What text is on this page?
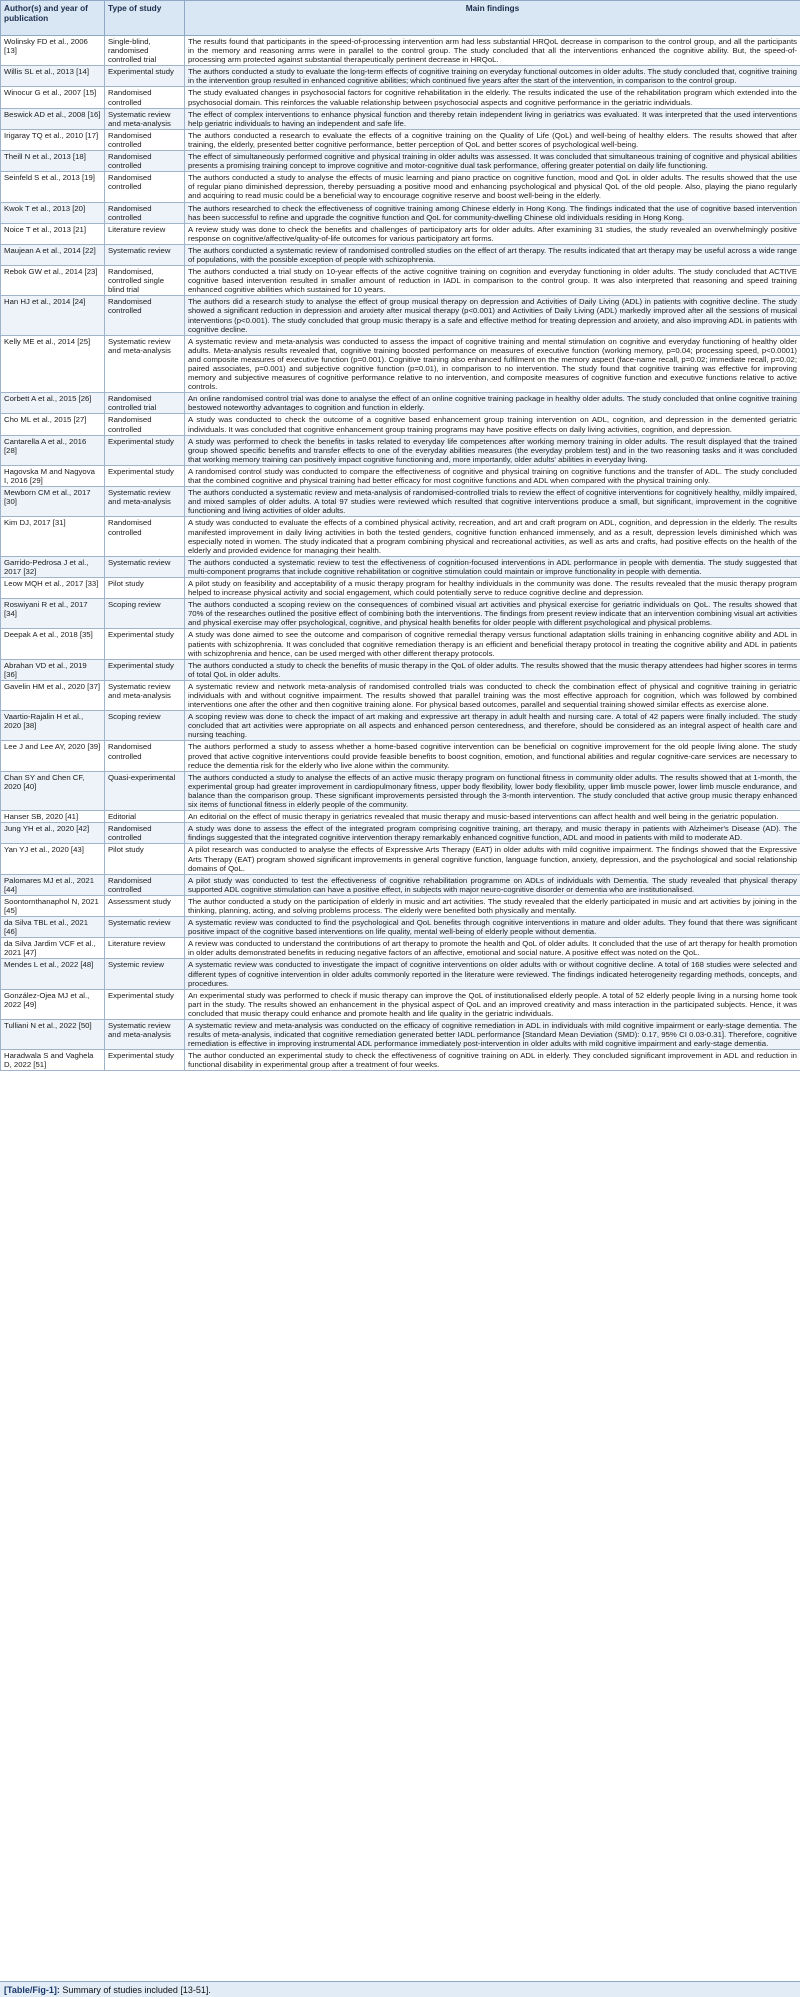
Author(s) and year of publication	Type of study	Main findings
Wolinsky FD et al., 2006 [13]	Single-blind, randomised controlled trial	The results found that participants in the speed-of-processing intervention arm had less substantial HRQoL decrease in comparison to the control group, and all the participants in the memory and reasoning arms were in parallel to the control group. The study concluded that all the interventions enhanced the cognitive ability. But, the speed-of-processing arm protected against substantial therapeutically pertinent decrease in HRQoL.
Willis SL et al., 2013 [14]	Experimental study	The authors conducted a study to evaluate the long-term effects of cognitive training on everyday functional outcomes in older adults. The study concluded that, cognitive training in the intervention group resulted in enhanced cognitive abilities; which continued five years after the start of the intervention, in comparison to the control group.
Winocur G et al., 2007 [15]	Randomised controlled	The study evaluated changes in psychosocial factors for cognitive rehabilitation in the elderly. The results indicated the use of the rehabilitation program which extended into the psychosocial domain. This reinforces the valuable relationship between psychosocial aspects and cognitive performance in the geriatric individuals.
Beswick AD et al., 2008 [16]	Systematic review and meta-analysis	The effect of complex interventions to enhance physical function and thereby retain independent living in geriatrics was evaluated. It was interpreted that the used interventions help geriatric individuals to having an independent and safe life.
Irigaray TQ et al., 2010 [17]	Randomised controlled	The authors conducted a research to evaluate the effects of a cognitive training on the Quality of Life (QoL) and well-being of healthy elders. The results showed that after training, the elderly, presented better cognitive performance, better perception of QoL and better scores of psychological well-being.
Theill N et al., 2013 [18]	Randomised controlled	The effect of simultaneously performed cognitive and physical training in older adults was assessed. It was concluded that simultaneous training of cognitive and physical abilities presents a promising training concept to improve cognitive and motor-cognitive dual task performance, offering greater potential on daily life functioning.
Seinfeld S et al., 2013 [19]	Randomised controlled	The authors conducted a study to analyse the effects of music learning and piano practice on cognitive function, mood and QoL in older adults. The results showed that the use of regular piano diminished depression, thereby persuading a positive mood and enhancing psychological and physical QoL of the old people. Also, playing the piano regularly and acquiring to read music could be a beneficial way to encourage cognitive reserve and boost well-being in the elderly.
Kwok T et al., 2013 [20]	Randomised controlled	The authors researched to check the effectiveness of cognitive training among Chinese elderly in Hong Kong. The findings indicated that the use of cognitive based intervention has been successful to refine and upgrade the cognitive function and QoL for community-dwelling Chinese old individuals residing in Hong Kong.
Noice T et al., 2013 [21]	Literature review	A review study was done to check the benefits and challenges of participatory arts for older adults. After examining 31 studies, the study revealed an overwhelmingly positive response on cognitive/affective/quality-of-life outcomes for various participatory art forms.
Maujean A et al., 2014 [22]	Systematic review	The authors conducted a systematic review of randomised controlled studies on the effect of art therapy. The results indicated that art therapy may be useful across a wide range of populations, with the possible exception of people with schizophrenia.
Rebok GW et al., 2014 [23]	Randomised, controlled single blind trial	The authors conducted a trial study on 10-year effects of the active cognitive training on cognition and everyday functioning in older adults. The study concluded that ACTIVE cognitive based intervention resulted in smaller amount of reduction in IADL in comparison to the control group. It was also interpreted that reasoning and speed training enhanced cognitive abilities which sustained for 10 years.
Han HJ et al., 2014 [24]	Randomised controlled	The authors did a research study to analyse the effect of group musical therapy on depression and Activities of Daily Living (ADL) in patients with cognitive decline. The study showed a significant reduction in depression and anxiety after musical therapy (p<0.001) and Activities of Daily Living (ADL) markedly improved after all the sessions of musical interventions (p<0.001). The study concluded that group music therapy is a safe and effective method for treating depression and anxiety, and also improving ADL in patients with cognitive decline.
Kelly ME et al., 2014 [25]	Systematic review and meta-analysis	A systematic review and meta-analysis was conducted to assess the impact of cognitive training and mental stimulation on cognitive and everyday functioning of healthy older adults. Meta-analysis results revealed that, cognitive training boosted performance on measures of executive function (working memory, p=0.04; processing speed, p<0.0001) and composite measures of executive function (p=0.001). Cognitive training also enhanced fulfilment on the memory aspect (face-name recall, p=0.02; immediate recall, p=0.02; paired associates, p=0.001) and subjective cognitive function (p=0.01), in comparison to no intervention. The study found that cognitive training was effective for improving memory and subjective measures of cognitive performance relative to no intervention, and composite measures of cognitive function and executive functions relative to active controls.
Corbett A et al., 2015 [26]	Randomised controlled trial	An online randomised control trial was done to analyse the effect of an online cognitive training package in healthy older adults. The study concluded that online cognitive training bestowed noteworthy advantages to cognition and function in elderly.
Cho ML et al., 2015 [27]	Randomised controlled	A study was conducted to check the outcome of a cognitive based enhancement group training intervention on ADL, cognition, and depression in the demented geriatric individuals. It was concluded that cognitive enhancement group training programs may have positive effects on daily living activities, cognition, and depression.
Cantarella A et al., 2016 [28]	Experimental study	A study was performed to check the benefits in tasks related to everyday life competences after working memory training in older adults. The result displayed that the trained group showed specific benefits and transfer effects to one of the everyday abilities measures (the everyday problem test) and in the two reasoning tasks and it was concluded that working memory training can positively impact cognitive functioning and, more importantly, older adults' abilities in everyday living.
Hagovska M and Nagyova I, 2016 [29]	Experimental study	A randomised control study was conducted to compare the effectiveness of cognitive and physical training on cognitive functions and the transfer of ADL. The study concluded that the combined cognitive and physical training had better efficacy for most cognitive functions and ADL when compared with the physical training only.
Mewborn CM et al., 2017 [30]	Systematic review and meta-analysis	The authors conducted a systematic review and meta-analysis of randomised-controlled trials to review the effect of cognitive interventions for cognitively healthy, mildly impaired, and mixed samples of older adults. A total 97 studies were reviewed which resulted that cognitive interventions produce a small, but significant, improvement in the cognitive functioning and living activities of older adults.
Kim DJ, 2017 [31]	Randomised controlled	A study was conducted to evaluate the effects of a combined physical activity, recreation, and art and craft program on ADL, cognition, and depression in the elderly. The results manifested improvement in daily living activities in both the tested genders, cognitive function enhanced immensely, and as a result, depression levels diminished which was especially noted in women. The study indicated that a program combining physical and recreational activities, as well as arts and crafts, had positive effects on the health of the elderly and provided evidence for managing their health.
Garrido-Pedrosa J et al., 2017 [32]	Systematic review	The authors conducted a systematic review to test the effectiveness of cognition-focused interventions in ADL performance in people with dementia. The study suggested that multi-component programs that include cognitive rehabilitation or cognitive stimulation could maintain or improve functionality in people with dementia.
Leow MQH et al., 2017 [33]	Pilot study	A pilot study on feasibility and acceptability of a music therapy program for healthy individuals in the community was done. The results revealed that the music therapy program helped to increase physical activity and social engagement, which could potentially serve to reduce cognitive decline and depression.
Roswiyani R et al., 2017 [34]	Scoping review	The authors conducted a scoping review on the consequences of combined visual art activities and physical exercise for geriatric individuals on QoL. The results showed that 70% of the researches outlined the positive effect of combining both the interventions. The findings from present review indicate that an intervention combining visual art activities and physical exercise may offer psychological, cognitive, and physical health benefits for older people with different psychological and physical problems.
Deepak A et al., 2018 [35]	Experimental study	A study was done aimed to see the outcome and comparison of cognitive remedial therapy versus functional adaptation skills training in enhancing cognitive ability and ADL in patients with schizophrenia. It was concluded that cognitive remediation therapy is an efficient and beneficial therapy protocol in treating the cognitive ability and ADL in patients with schizophrenia and hence, can be used merged with other different therapy protocols.
Abrahan VD et al., 2019 [36]	Experimental study	The authors conducted a study to check the benefits of music therapy in the QoL of older adults. The results showed that the music therapy attendees had higher scores in terms of total QoL in older adults.
Gavelin HM et al., 2020 [37]	Systematic review and meta-analysis	A systematic review and network meta-analysis of randomised controlled trials was conducted to check the combination effect of physical and cognitive training in geriatric individuals with and without cognitive impairment. The results showed that parallel training was the most effective approach for cognition, which was followed by combined interventions one after the other and then cognitive training alone. For physical based outcomes, parallel and sequential training showed similar effects as exercise alone.
Vaartio-Rajalin H et al., 2020 [38]	Scoping review	A scoping review was done to check the impact of art making and expressive art therapy in adult health and nursing care. A total of 42 papers were finally included. The study concluded that art activities were appropriate on all aspects and enhanced person centeredness, and therefore, should be considered as an integral aspect of health care and nursing teaching.
Lee J and Lee AY, 2020 [39]	Randomised controlled	The authors performed a study to assess whether a home-based cognitive intervention can be beneficial on cognitive improvement for the old people living alone. The study proved that active cognitive interventions could provide feasible benefits to boost cognition, emotion, and functional abilities and regular cognitive-care services are necessary to reduce the dementia risk for the elderly who live alone within the community.
Chan SY and Chen CF, 2020 [40]	Quasi-experimental	The authors conducted a study to analyse the effects of an active music therapy program on functional fitness in community older adults. The results showed that at 1-month, the experimental group had greater improvement in cardiopulmonary fitness, upper body flexibility, lower body flexibility, upper limb muscle power, lower limb muscle endurance, and balance than the comparison group. These significant improvements persisted through the 3-month intervention. The study concluded that active group music therapy enhanced six items of functional fitness in elderly people of the community.
Hanser SB, 2020 [41]	Editorial	An editorial on the effect of music therapy in geriatrics revealed that music therapy and music-based interventions can affect health and well being in the geriatric population.
Jung YH et al., 2020 [42]	Randomised controlled	A study was done to assess the effect of the integrated program comprising cognitive training, art therapy, and music therapy in patients with Alzheimer's Disease (AD). The findings suggested that the integrated cognitive intervention therapy remarkably enhanced cognitive function, ADL and mood in patients with mild to moderate AD.
Yan YJ et al., 2020 [43]	Pilot study	A pilot research was conducted to analyse the effects of Expressive Arts Therapy (EAT) in older adults with mild cognitive impairment. The findings showed that the Expressive Arts Therapy (EAT) program showed significant improvements in general cognitive function, language function, anxiety, depression, and the psychological and social relationship domains of QoL.
Palomares MJ et al., 2021 [44]	Randomised controlled	A pilot study was conducted to test the effectiveness of cognitive rehabilitation programme on ADLs of individuals with Dementia. The study revealed that physical therapy supported ADL cognitive stimulation can have a positive effect, in subjects with major neuro-cognitive disorder or dementia who are institutionalised.
Soontornthanaphol N, 2021 [45]	Assessment study	The author conducted a study on the participation of elderly in music and art activities. The study revealed that the elderly participated in music and art activities by joining in the thinking, planning, acting, and solving problems process. The elderly were benefited both physically and mentally.
da Silva TBL et al., 2021 [46]	Systematic review	A systematic review was conducted to find the psychological and QoL benefits through cognitive interventions in mature and older adults. They found that there was significant positive impact of the cognitive based interventions on life quality, mental well-being of elderly people without dementia.
da Silva Jardim VCF et al., 2021 [47]	Literature review	A review was conducted to understand the contributions of art therapy to promote the health and QoL of older adults. It concluded that the use of art therapy for health promotion in older adults demonstrated benefits in reducing negative factors of an affective, emotional and social nature. A positive effect was noted on the QoL.
Mendes L et al., 2022 [48]	Systemic review	A systematic review was conducted to investigate the impact of cognitive interventions on older adults with or without cognitive decline. A total of 168 studies were selected and different types of cognitive intervention in older adults commonly reported in the literature were reviewed. The findings indicated heterogeneity regarding methods, concepts, and procedures.
González-Ojea MJ et al., 2022 [49]	Experimental study	An experimental study was performed to check if music therapy can improve the QoL of institutionalised elderly people. A total of 52 elderly people living in a nursing home took part in the study. The results showed an enhancement in the physical aspect of QoL and an improved creativity and mass interaction in the participated subjects. Hence, it was concluded that music therapy could enhance and promote health and life quality in the geriatric individuals.
Tulliani N et al., 2022 [50]	Systematic review and meta-analysis	A systematic review and meta-analysis was conducted on the efficacy of cognitive remediation in ADL in individuals with mild cognitive impairment or early-stage dementia. The results of meta-analysis, indicated that cognitive remediation generated better IADL performance [Standard Mean Deviation (SMD): 0.17, 95% CI 0.03-0.31]. Therefore, cognitive remediation is effective in improving instrumental ADL performance immediately post-intervention in older adults with mild cognitive impairment and early-stage dementia.
Haradwala S and Vaghela D, 2022 [51]	Experimental study	The author conducted an experimental study to check the effectiveness of cognitive training on ADL in elderly. They concluded significant improvement in ADL and reduction in functional disability in experimental group after a treatment of four weeks.
[Table/Fig-1]: Summary of studies included [13-51].
